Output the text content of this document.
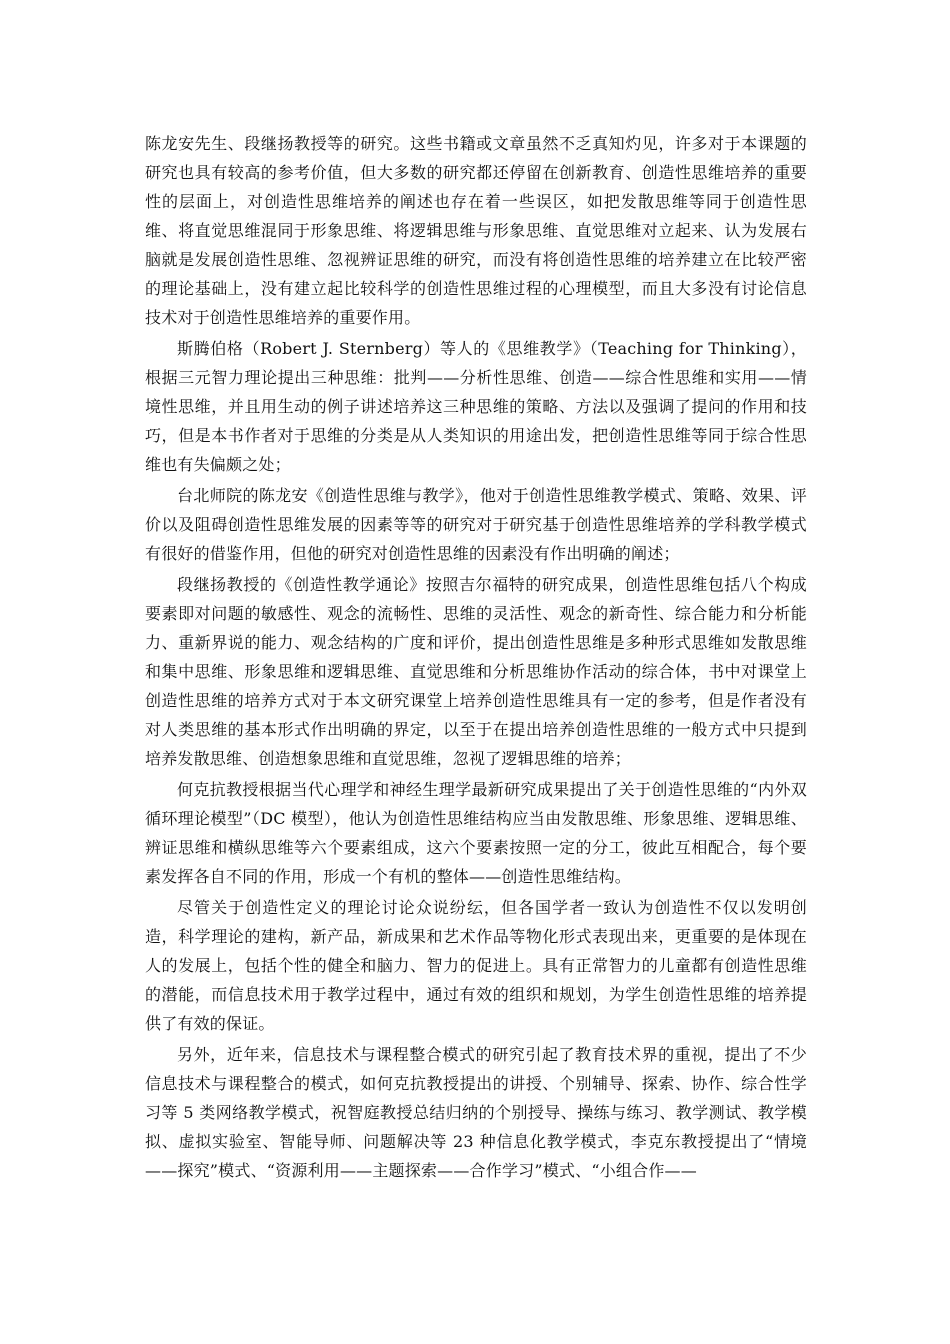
陈龙安先生、段继扬教授等的研究。这些书籍或文章虽然不乏真知灼见，许多对于本课题的研究也具有较高的参考价值，但大多数的研究都还停留在创新教育、创造性思维培养的重要性的层面上，对创造性思维培养的阐述也存在着一些误区，如把发散思维等同于创造性思维、将直觉思维混同于形象思维、将逻辑思维与形象思维、直觉思维对立起来、认为发展右脑就是发展创造性思维、忽视辨证思维的研究，而没有将创造性思维的培养建立在比较严密的理论基础上，没有建立起比较科学的创造性思维过程的心理模型，而且大多没有讨论信息技术对于创造性思维培养的重要作用。

斯腾伯格（Robert J. Sternberg）等人的《思维教学》（Teaching for Thinking），根据三元智力理论提出三种思维：批判——分析性思维、创造——综合性思维和实用——情境性思维，并且用生动的例子讲述培养这三种思维的策略、方法以及强调了提问的作用和技巧，但是本书作者对于思维的分类是从人类知识的用途出发，把创造性思维等同于综合性思维也有失偏颇之处；

台北师院的陈龙安《创造性思维与教学》，他对于创造性思维教学模式、策略、效果、评价以及阻碍创造性思维发展的因素等等的研究对于研究基于创造性思维培养的学科教学模式有很好的借鉴作用，但他的研究对创造性思维的因素没有作出明确的阐述；

段继扬教授的《创造性教学通论》按照吉尔福特的研究成果，创造性思维包括八个构成要素即对问题的敏感性、观念的流畅性、思维的灵活性、观念的新奇性、综合能力和分析能力、重新界说的能力、观念结构的广度和评价，提出创造性思维是多种形式思维如发散思维和集中思维、形象思维和逻辑思维、直觉思维和分析思维协作活动的综合体，书中对课堂上创造性思维的培养方式对于本文研究课堂上培养创造性思维具有一定的参考，但是作者没有对人类思维的基本形式作出明确的界定，以至于在提出培养创造性思维的一般方式中只提到培养发散思维、创造想象思维和直觉思维，忽视了逻辑思维的培养；

何克抗教授根据当代心理学和神经生理学最新研究成果提出了关于创造性思维的“内外双循环理论模型”（DC 模型），他认为创造性思维结构应当由发散思维、形象思维、逻辑思维、辨证思维和横纵思维等六个要素组成，这六个要素按照一定的分工，彼此互相配合，每个要素发挥各自不同的作用，形成一个有机的整体——创造性思维结构。

尽管关于创造性定义的理论讨论众说纷纭，但各国学者一致认为创造性不仅以发明创造，科学理论的建构，新产品，新成果和艺术作品等物化形式表现出来，更重要的是体现在人的发展上，包括个性的健全和脑力、智力的促进上。具有正常智力的儿童都有创造性思维的潜能，而信息技术用于教学过程中，通过有效的组织和规划，为学生创造性思维的培养提供了有效的保证。

另外，近年来，信息技术与课程整合模式的研究引起了教育技术界的重视，提出了不少信息技术与课程整合的模式，如何克抗教授提出的讲授、个别辅导、探索、协作、综合性学习等 5 类网络教学模式，祝智庭教授总结归纳的个别授导、操练与练习、教学测试、教学模拟、虚拟实验室、智能导师、问题解决等 23 种信息化教学模式，李克东教授提出了“情境——探究”模式、“资源利用——主题探索——合作学习”模式、“小组合作——
